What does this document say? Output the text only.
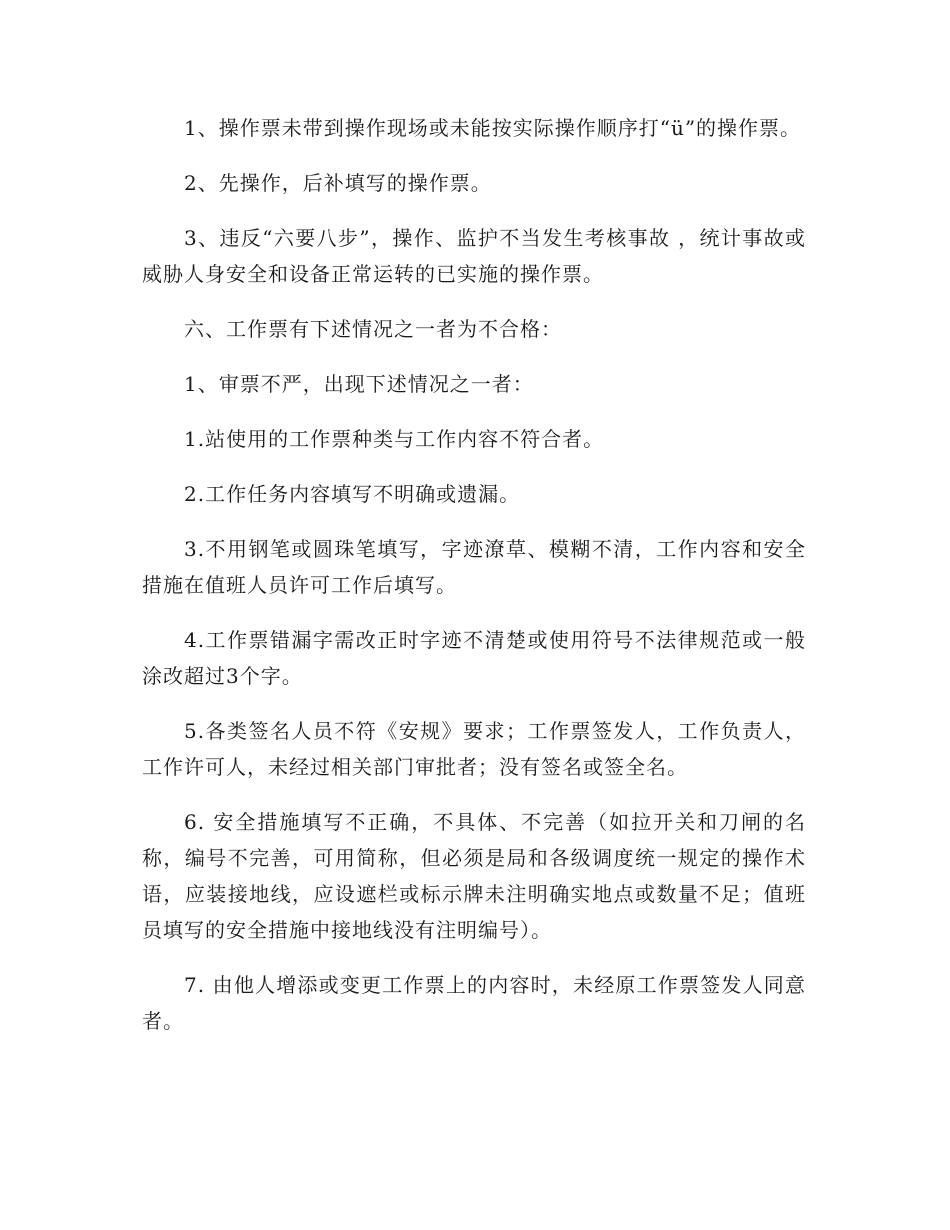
1、操作票未带到操作现场或未能按实际操作顺序打“ü”的操作票。

2、先操作，后补填写的操作票。

3、违反“六要八步”，操作、监护不当发生考核事故 ，统计事故或威胁人身安全和设备正常运转的已实施的操作票。

六、工作票有下述情况之一者为不合格：

1、审票不严，出现下述情况之一者：

1.站使用的工作票种类与工作内容不符合者。

2.工作任务内容填写不明确或遗漏。

3.不用钢笔或圆珠笔填写，字迹潦草、模糊不清，工作内容和安全措施在值班人员许可工作后填写。

4.工作票错漏字需改正时字迹不清楚或使用符号不法律规范或一般涂改超过3个字。

5.各类签名人员不符《安规》要求；工作票签发人，工作负责人，工作许可人，未经过相关部门审批者；没有签名或签全名。

6. 安全措施填写不正确，不具体、不完善（如拉开关和刀闸的名称，编号不完善，可用简称，但必须是局和各级调度统一规定的操作术语，应装接地线，应设遮栏或标示牌未注明确实地点或数量不足；值班员填写的安全措施中接地线没有注明编号）。

7. 由他人增添或变更工作票上的内容时，未经原工作票签发人同意者。
